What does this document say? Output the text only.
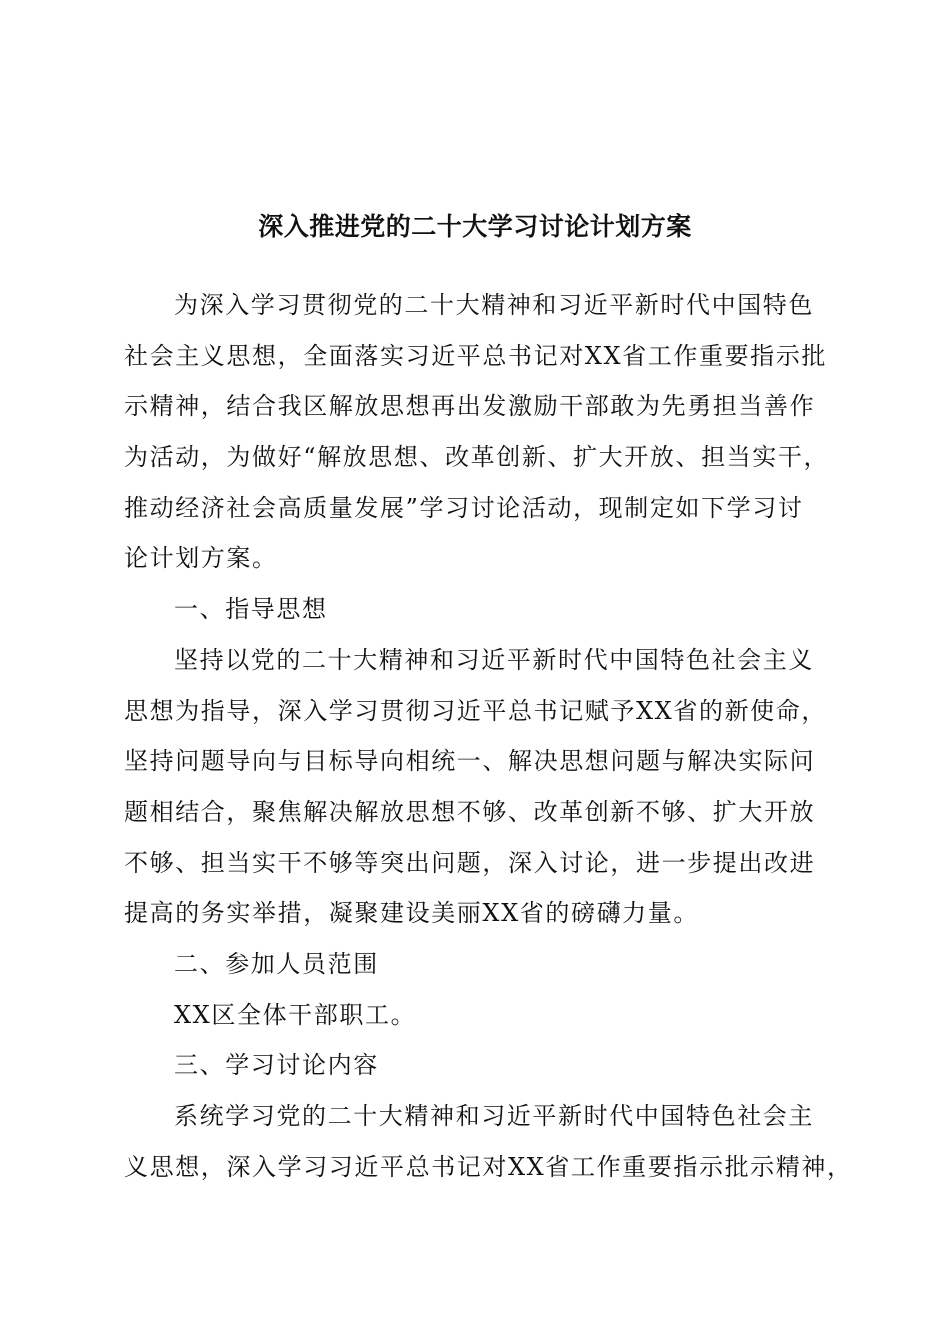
深入推进党的二十大学习讨论计划方案
为深入学习贯彻党的二十大精神和习近平新时代中国特色
社会主义思想，全面落实习近平总书记对XX省工作重要指示批
示精神，结合我区解放思想再出发激励干部敢为先勇担当善作
为活动，为做好“解放思想、改革创新、扩大开放、担当实干，
推动经济社会高质量发展”学习讨论活动，现制定如下学习讨
论计划方案。
一、指导思想
坚持以党的二十大精神和习近平新时代中国特色社会主义
思想为指导，深入学习贯彻习近平总书记赋予XX省的新使命，
坚持问题导向与目标导向相统一、解决思想问题与解决实际问
题相结合，聚焦解决解放思想不够、改革创新不够、扩大开放
不够、担当实干不够等突出问题，深入讨论，进一步提出改进
提高的务实举措，凝聚建设美丽XX省的磅礴力量。
二、参加人员范围
XX区全体干部职工。
三、学习讨论内容
系统学习党的二十大精神和习近平新时代中国特色社会主
义思想，深入学习习近平总书记对XX省工作重要指示批示精神，
